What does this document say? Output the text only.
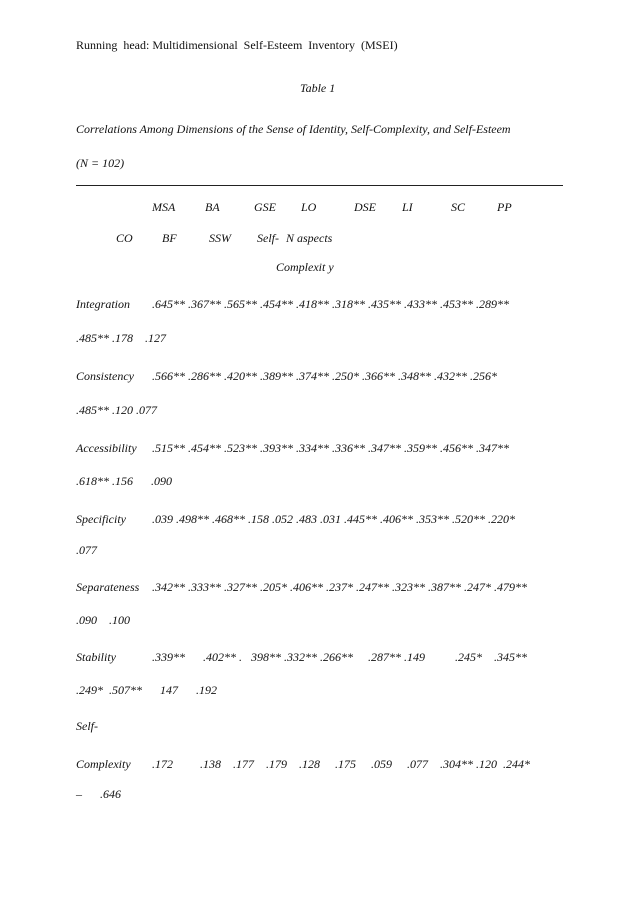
Running  head: Multidimensional  Self-Esteem  Inventory  (MSEI)
Table 1
Correlations Among Dimensions of the Sense of Identity, Self-Complexity, and Self-Esteem
(N = 102)
MSA BA	GSE LO	DSE LI	SC	PP
CO BF	SSW Self- N aspects
Complexit y
Integration .645** .367** .565** .454** .418** .318** .435** .433** .453** .289**
.485** .178    .127
Consistency .566** .286** .420** .389** .374** .250* .366** .348** .432** .256*
.485** .120 .077
Accessibility .515** .454** .523** .393** .334** .336** .347** .359** .456** .347**
.618** .156      .090
Specificity .039 .498** .468** .158 .052 .483 .031 .445** .406** .353** .520** .220*
.077
Separateness .342** .333** .327** .205* .406** .237* .247** .323** .387** .247* .479**
.090    .100
Stability	.339**      .402** .   398** .332** .266**     .287** .149          .245*    .345**
.249*  .507**      147      .192
Self-
Complexity .172         .138    .177    .179    .128     .175     .059     .077    .304** .120  .244*
–      .646
